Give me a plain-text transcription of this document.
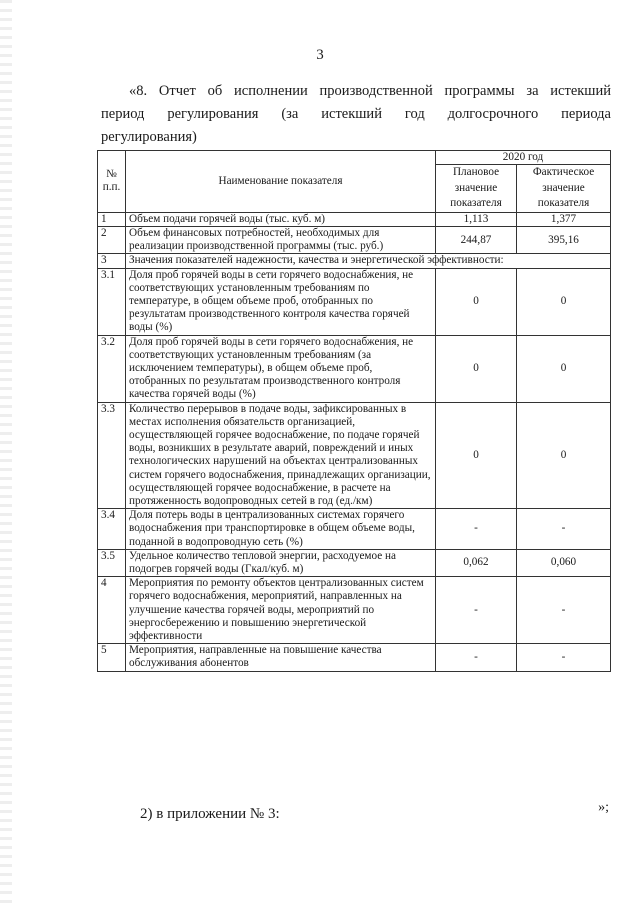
3
«8. Отчет об исполнении производственной программы за истекший
период регулирования (за истекший год долгосрочного периода
регулирования)
№ п.п.	Наименование показателя	2020 год	
		Плановое значение показателя	Фактическое значение показателя
1	Объем подачи горячей воды (тыс. куб. м)	1,113	1,377
2	Объем финансовых потребностей, необходимых для реализации производственной программы (тыс. руб.)	244,87	395,16
3	Значения показателей надежности, качества и энергетической эффективности:		
3.1	Доля проб горячей воды в сети горячего водоснабжения, не соответствующих установленным требованиям по температуре, в общем объеме проб, отобранных по результатам производственного контроля качества горячей воды (%)	0	0
3.2	Доля проб горячей воды в сети горячего водоснабжения, не соответствующих установленным требованиям (за исключением температуры), в общем объеме проб, отобранных по результатам производственного контроля качества горячей воды (%)	0	0
3.3	Количество перерывов в подаче воды, зафиксированных в местах исполнения обязательств организацией, осуществляющей горячее водоснабжение, по подаче горячей воды, возникших в результате аварий, повреждений и иных технологических нарушений на объектах централизованных систем горячего водоснабжения, принадлежащих организации, осуществляющей горячее водоснабжение, в расчете на протяженность водопроводных сетей в год (ед./км)	0	0
3.4	Доля потерь воды в централизованных системах горячего водоснабжения при транспортировке в общем объеме воды, поданной в водопроводную сеть (%)	-	-
3.5	Удельное количество тепловой энергии, расходуемое на подогрев горячей воды (Гкал/куб. м)	0,062	0,060
4	Мероприятия по ремонту объектов централизованных систем горячего водоснабжения, мероприятий, направленных на улучшение качества горячей воды, мероприятий по энергосбережению и повышению энергетической эффективности	-	-
5	Мероприятия, направленные на повышение качества обслуживания абонентов	-	-
»;
2) в приложении № 3:
